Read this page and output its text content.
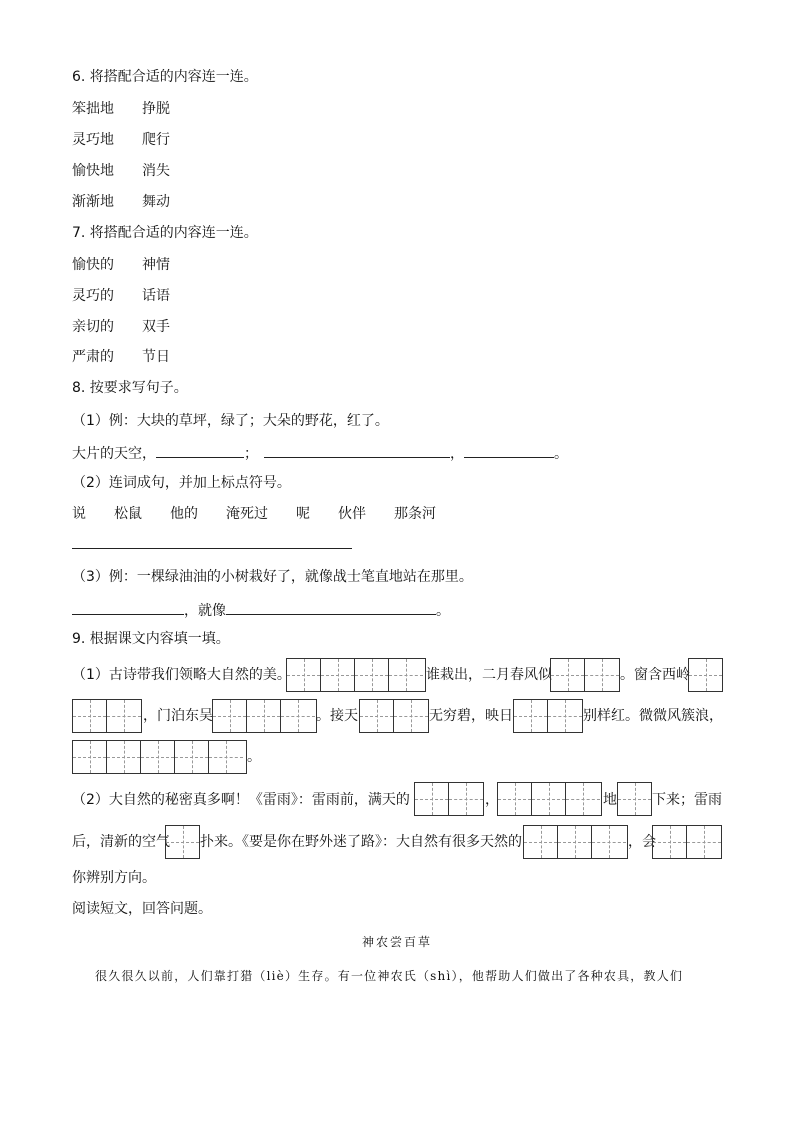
6. 将搭配合适的内容连一连。
笨拙地 挣脱
灵巧地 爬行
愉快地 消失
渐渐地 舞动
7. 将搭配合适的内容连一连。
愉快的 神情
灵巧的 话语
亲切的 双手
严肃的 节日
8. 按要求写句子。
（1）例：大块的草坪，绿了；大朵的野花，红了。
大片的天空，	；	，	。
（2）连词成句，并加上标点符号。
说 松鼠 他的 淹死过 呢 伙伴 那条河
（3）例：一棵绿油油的小树栽好了，就像战士笔直地站在那里。
，就像	。
9. 根据课文内容填一填。
（1）古诗带我们领略大自然的美。	谁栽出，二月春风似	。窗含西岭
，门泊东吴	。接天	无穷碧，映日	别样红。微微风簇浪，
。
（2）大自然的秘密真多啊！《雷雨》：雷雨前，满天的	，	地	下来；雷雨
后，清新的空气 扑来。《要是你在野外迷了路》：大自然有很多天然的	，会
你辨别方向。
阅读短文，回答问题。
神农尝百草
很久很久以前，人们靠打猎（liè）生存。有一位神农氏（shì），他帮助人们做出了各种农具，教人们
